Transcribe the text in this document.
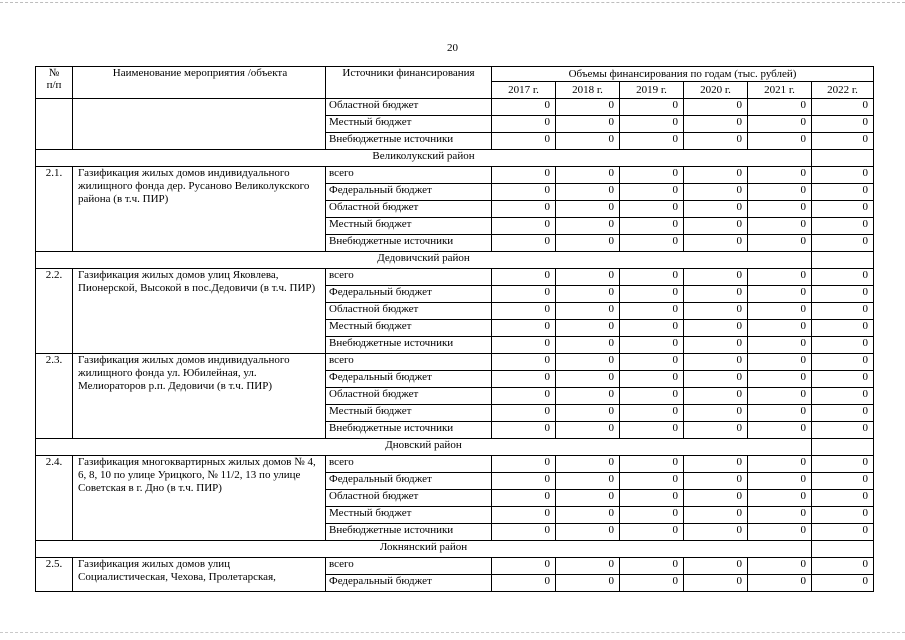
20
№
п/п	Наименование мероприятия /объекта	Источники финансирования	Объемы финансирования по годам (тыс. рублей)					
			2017 г.	2018 г.	2019 г.	2020 г.	2021 г.	2022 г.
		Областной бюджет	0	0	0	0	0	0
		Местный бюджет	0	0	0	0	0	0
		Внебюджетные источники	0	0	0	0	0	0
Великолукский район								
2.1.	Газификация жилых домов индивидуального жилищного фонда дер. Русаново Великолукского района (в т.ч. ПИР)	всего	0	0	0	0	0	0
		Федеральный бюджет	0	0	0	0	0	0
		Областной бюджет	0	0	0	0	0	0
		Местный бюджет	0	0	0	0	0	0
		Внебюджетные источники	0	0	0	0	0	0
Дедовичский район								
2.2.	Газификация жилых домов улиц Яковлева, Пионерской, Высокой в пос.Дедовичи (в т.ч. ПИР)	всего	0	0	0	0	0	0
		Федеральный бюджет	0	0	0	0	0	0
		Областной бюджет	0	0	0	0	0	0
		Местный бюджет	0	0	0	0	0	0
		Внебюджетные источники	0	0	0	0	0	0
2.3.	Газификация жилых домов индивидуального жилищного фонда ул. Юбилейная, ул. Мелиораторов р.п. Дедовичи (в т.ч. ПИР)	всего	0	0	0	0	0	0
		Федеральный бюджет	0	0	0	0	0	0
		Областной бюджет	0	0	0	0	0	0
		Местный бюджет	0	0	0	0	0	0
		Внебюджетные источники	0	0	0	0	0	0
Дновский район								
2.4.	Газификация многоквартирных жилых домов № 4, 6, 8, 10 по улице Урицкого, № 11/2, 13 по улице Советская в г. Дно (в т.ч. ПИР)	всего	0	0	0	0	0	0
		Федеральный бюджет	0	0	0	0	0	0
		Областной бюджет	0	0	0	0	0	0
		Местный бюджет	0	0	0	0	0	0
		Внебюджетные источники	0	0	0	0	0	0
Локнянский район								
2.5.	Газификация жилых домов улиц Социалистическая, Чехова, Пролетарская,	всего	0	0	0	0	0	0
		Федеральный бюджет	0	0	0	0	0	0
